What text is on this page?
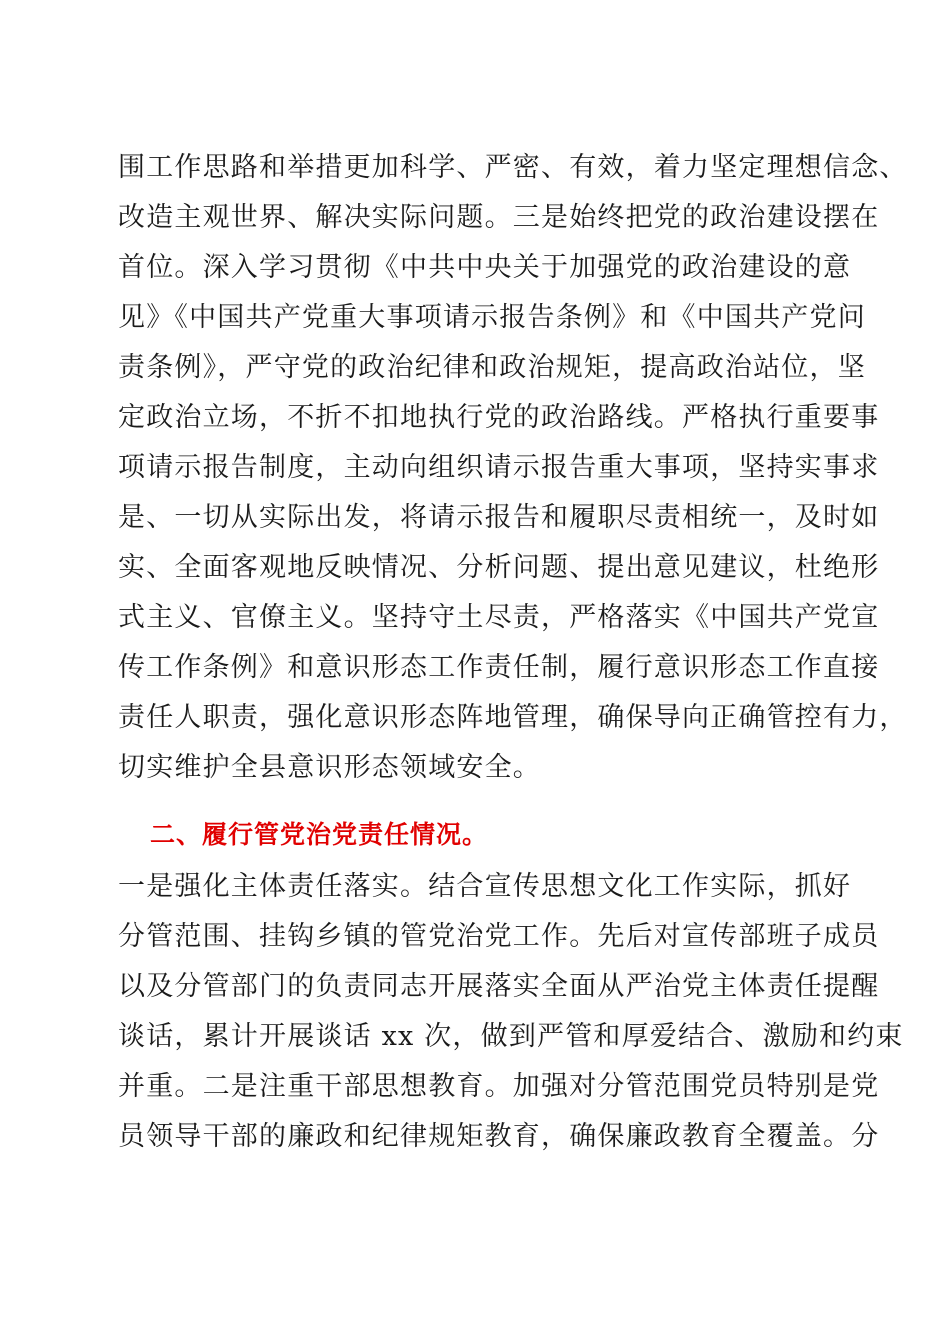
围工作思路和举措更加科学、严密、有效，着力坚定理想信念、
改造主观世界、解决实际问题。三是始终把党的政治建设摆在
首位。深入学习贯彻《中共中央关于加强党的政治建设的意
见》《中国共产党重大事项请示报告条例》和《中国共产党问
责条例》，严守党的政治纪律和政治规矩，提高政治站位，坚
定政治立场，不折不扣地执行党的政治路线。严格执行重要事
项请示报告制度，主动向组织请示报告重大事项，坚持实事求
是、一切从实际出发，将请示报告和履职尽责相统一，及时如
实、全面客观地反映情况、分析问题、提出意见建议，杜绝形
式主义、官僚主义。坚持守土尽责，严格落实《中国共产党宣
传工作条例》和意识形态工作责任制，履行意识形态工作直接
责任人职责，强化意识形态阵地管理，确保导向正确管控有力，
切实维护全县意识形态领域安全。
二、履行管党治党责任情况。
一是强化主体责任落实。结合宣传思想文化工作实际，抓好
分管范围、挂钩乡镇的管党治党工作。先后对宣传部班子成员
以及分管部门的负责同志开展落实全面从严治党主体责任提醒
谈话，累计开展谈话 xx 次，做到严管和厚爱结合、激励和约束
并重。二是注重干部思想教育。加强对分管范围党员特别是党
员领导干部的廉政和纪律规矩教育，确保廉政教育全覆盖。分
